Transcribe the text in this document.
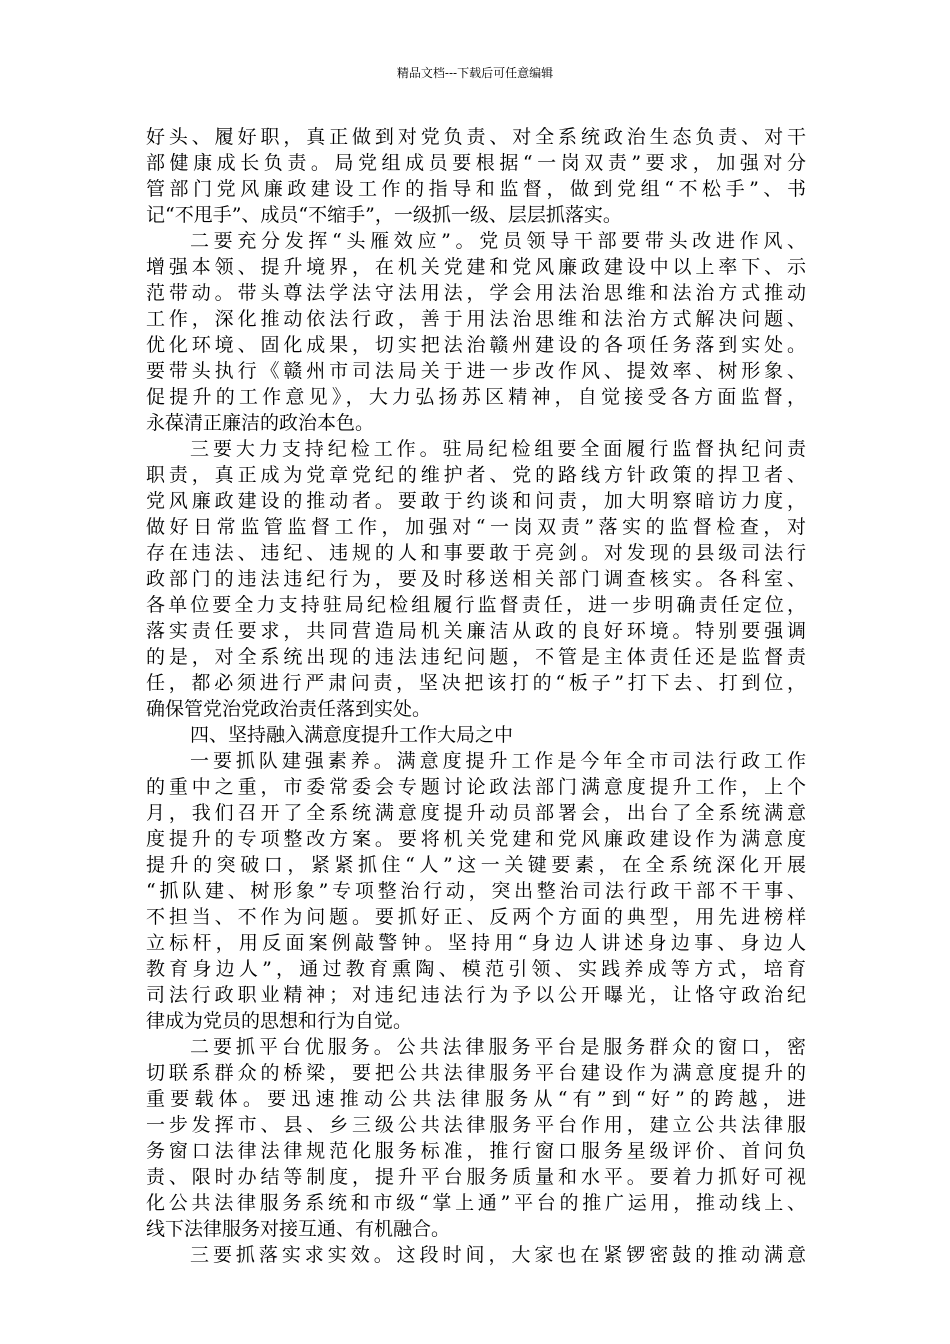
精品文档---下载后可任意编辑
好头、履好职，真正做到对党负责、对全系统政治生态负责、对干
部健康成长负责。局党组成员要根据“一岗双责”要求，加强对分
管部门党风廉政建设工作的指导和监督，做到党组“不松手”、书
记“不甩手”、成员“不缩手”，一级抓一级、层层抓落实。
二要充分发挥“头雁效应”。党员领导干部要带头改进作风、
增强本领、提升境界，在机关党建和党风廉政建设中以上率下、示
范带动。带头尊法学法守法用法，学会用法治思维和法治方式推动
工作，深化推动依法行政，善于用法治思维和法治方式解决问题、
优化环境、固化成果，切实把法治赣州建设的各项任务落到实处。
要带头执行《赣州市司法局关于进一步改作风、提效率、树形象、
促提升的工作意见》，大力弘扬苏区精神，自觉接受各方面监督，
永葆清正廉洁的政治本色。
三要大力支持纪检工作。驻局纪检组要全面履行监督执纪问责
职责，真正成为党章党纪的维护者、党的路线方针政策的捍卫者、
党风廉政建设的推动者。要敢于约谈和问责，加大明察暗访力度，
做好日常监管监督工作，加强对“一岗双责”落实的监督检查，对
存在违法、违纪、违规的人和事要敢于亮剑。对发现的县级司法行
政部门的违法违纪行为，要及时移送相关部门调查核实。各科室、
各单位要全力支持驻局纪检组履行监督责任，进一步明确责任定位，
落实责任要求，共同营造局机关廉洁从政的良好环境。特别要强调
的是，对全系统出现的违法违纪问题，不管是主体责任还是监督责
任，都必须进行严肃问责，坚决把该打的“板子”打下去、打到位，
确保管党治党政治责任落到实处。
四、坚持融入满意度提升工作大局之中
一要抓队建强素养。满意度提升工作是今年全市司法行政工作
的重中之重，市委常委会专题讨论政法部门满意度提升工作，上个
月，我们召开了全系统满意度提升动员部署会，出台了全系统满意
度提升的专项整改方案。要将机关党建和党风廉政建设作为满意度
提升的突破口，紧紧抓住“人”这一关键要素，在全系统深化开展
“抓队建、树形象”专项整治行动，突出整治司法行政干部不干事、
不担当、不作为问题。要抓好正、反两个方面的典型，用先进榜样
立标杆，用反面案例敲警钟。坚持用“身边人讲述身边事、身边人
教育身边人”，通过教育熏陶、模范引领、实践养成等方式，培育
司法行政职业精神；对违纪违法行为予以公开曝光，让恪守政治纪
律成为党员的思想和行为自觉。
二要抓平台优服务。公共法律服务平台是服务群众的窗口，密
切联系群众的桥梁，要把公共法律服务平台建设作为满意度提升的
重要载体。要迅速推动公共法律服务从“有”到“好”的跨越，进
一步发挥市、县、乡三级公共法律服务平台作用，建立公共法律服
务窗口法律法律规范化服务标准，推行窗口服务星级评价、首问负
责、限时办结等制度，提升平台服务质量和水平。要着力抓好可视
化公共法律服务系统和市级“掌上通”平台的推广运用，推动线上、
线下法律服务对接互通、有机融合。
三要抓落实求实效。这段时间，大家也在紧锣密鼓的推动满意
